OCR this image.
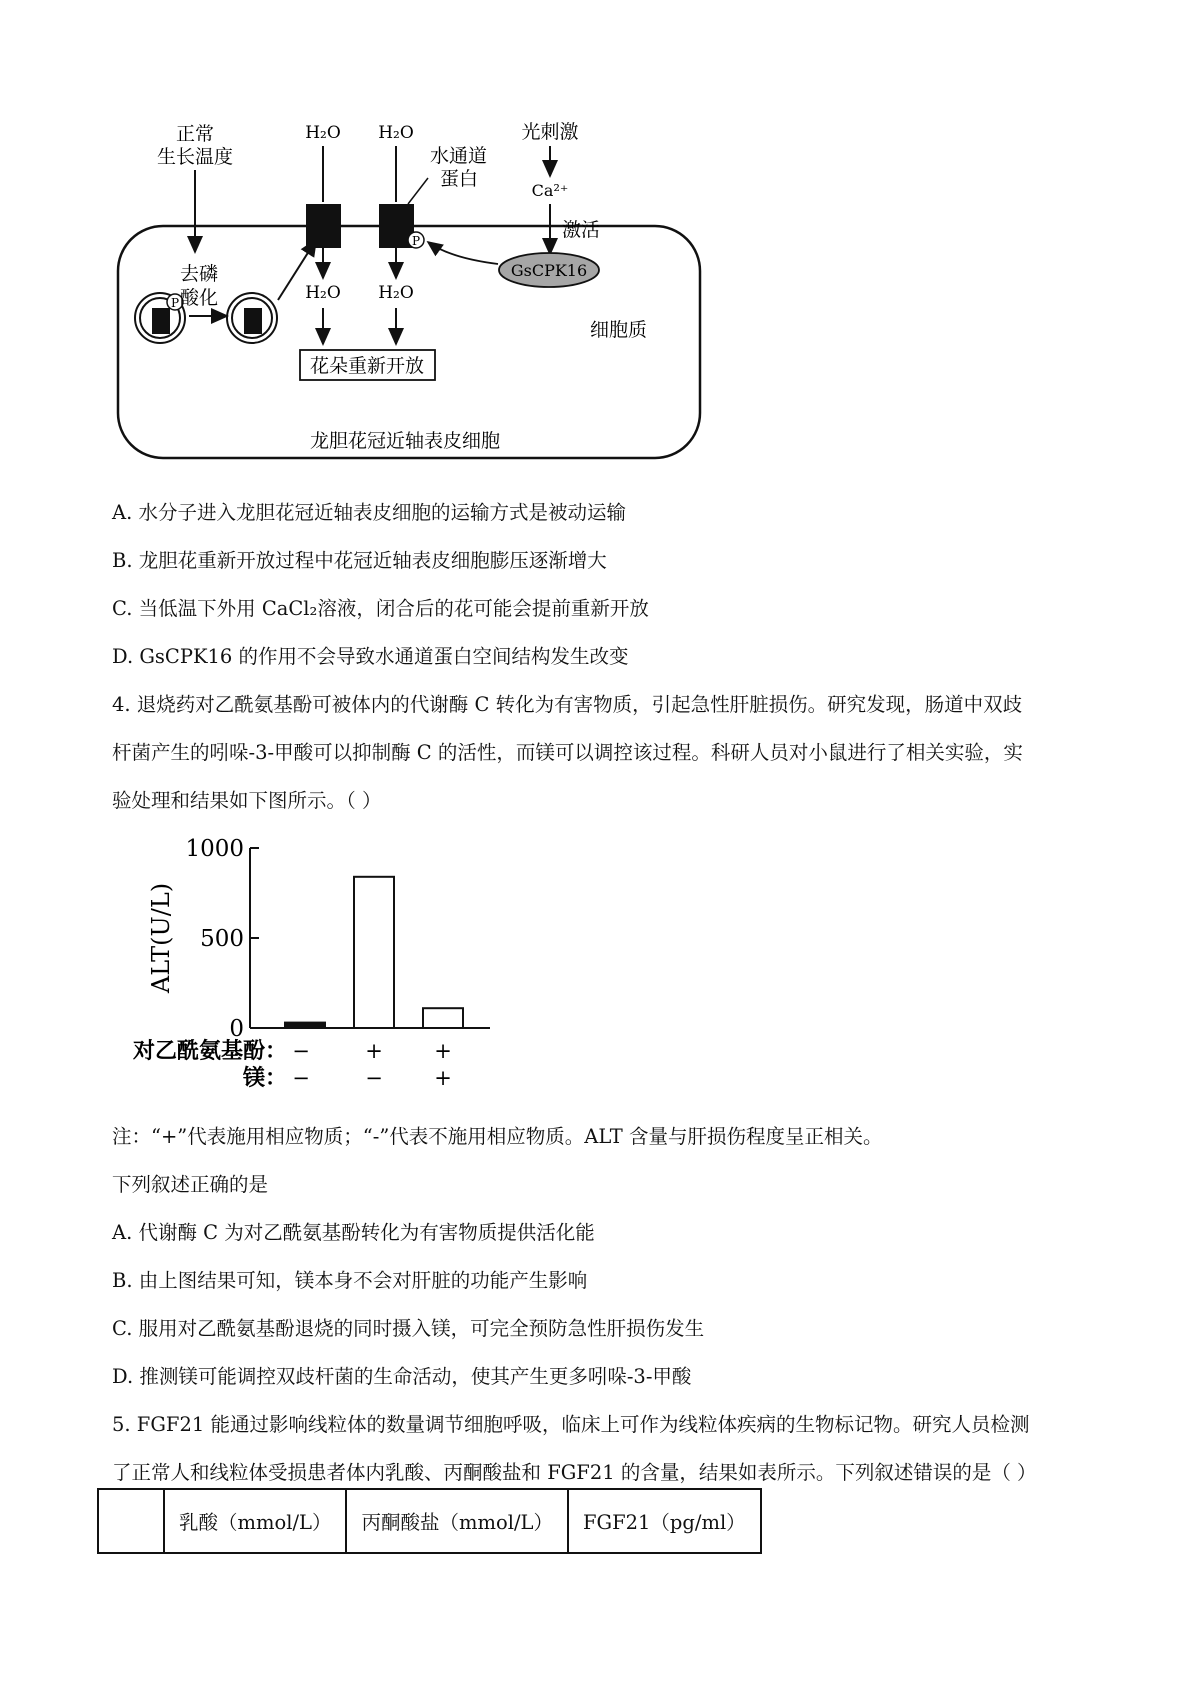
正常
生长温度
P
去磷
酸化
H₂O H₂O
H₂O H₂O
花朵重新开放
水通道
蛋白
P
光刺激
Ca²⁺
激活
GsCPK16
细胞质
龙胆花冠近轴表皮细胞
A. 水分子进入龙胆花冠近轴表皮细胞的运输方式是被动运输
B. 龙胆花重新开放过程中花冠近轴表皮细胞膨压逐渐增大
C. 当低温下外用 CaCl₂溶液，闭合后的花可能会提前重新开放
D. GsCPK16 的作用不会导致水通道蛋白空间结构发生改变
4. 退烧药对乙酰氨基酚可被体内的代谢酶 C 转化为有害物质，引起急性肝脏损伤。研究发现，肠道中双歧
杆菌产生的吲哚-3-甲酸可以抑制酶 C 的活性，而镁可以调控该过程。科研人员对小鼠进行了相关实验，实
验处理和结果如下图所示。（ ）
ALT(U/L)
1000
500
0
−
−
+
−
+
+
对乙酰氨基酚：
镁：
注：“+”代表施用相应物质；“-”代表不施用相应物质。ALT 含量与肝损伤程度呈正相关。
下列叙述正确的是
A. 代谢酶 C 为对乙酰氨基酚转化为有害物质提供活化能
B. 由上图结果可知，镁本身不会对肝脏的功能产生影响
C. 服用对乙酰氨基酚退烧的同时摄入镁，可完全预防急性肝损伤发生
D. 推测镁可能调控双歧杆菌的生命活动，使其产生更多吲哚-3-甲酸
5. FGF21 能通过影响线粒体的数量调节细胞呼吸，临床上可作为线粒体疾病的生物标记物。研究人员检测
了正常人和线粒体受损患者体内乳酸、丙酮酸盐和 FGF21 的含量，结果如表所示。下列叙述错误的是（ ）
	乳酸（mmol/L）	丙酮酸盐（mmol/L）	FGF21（pg/ml）
